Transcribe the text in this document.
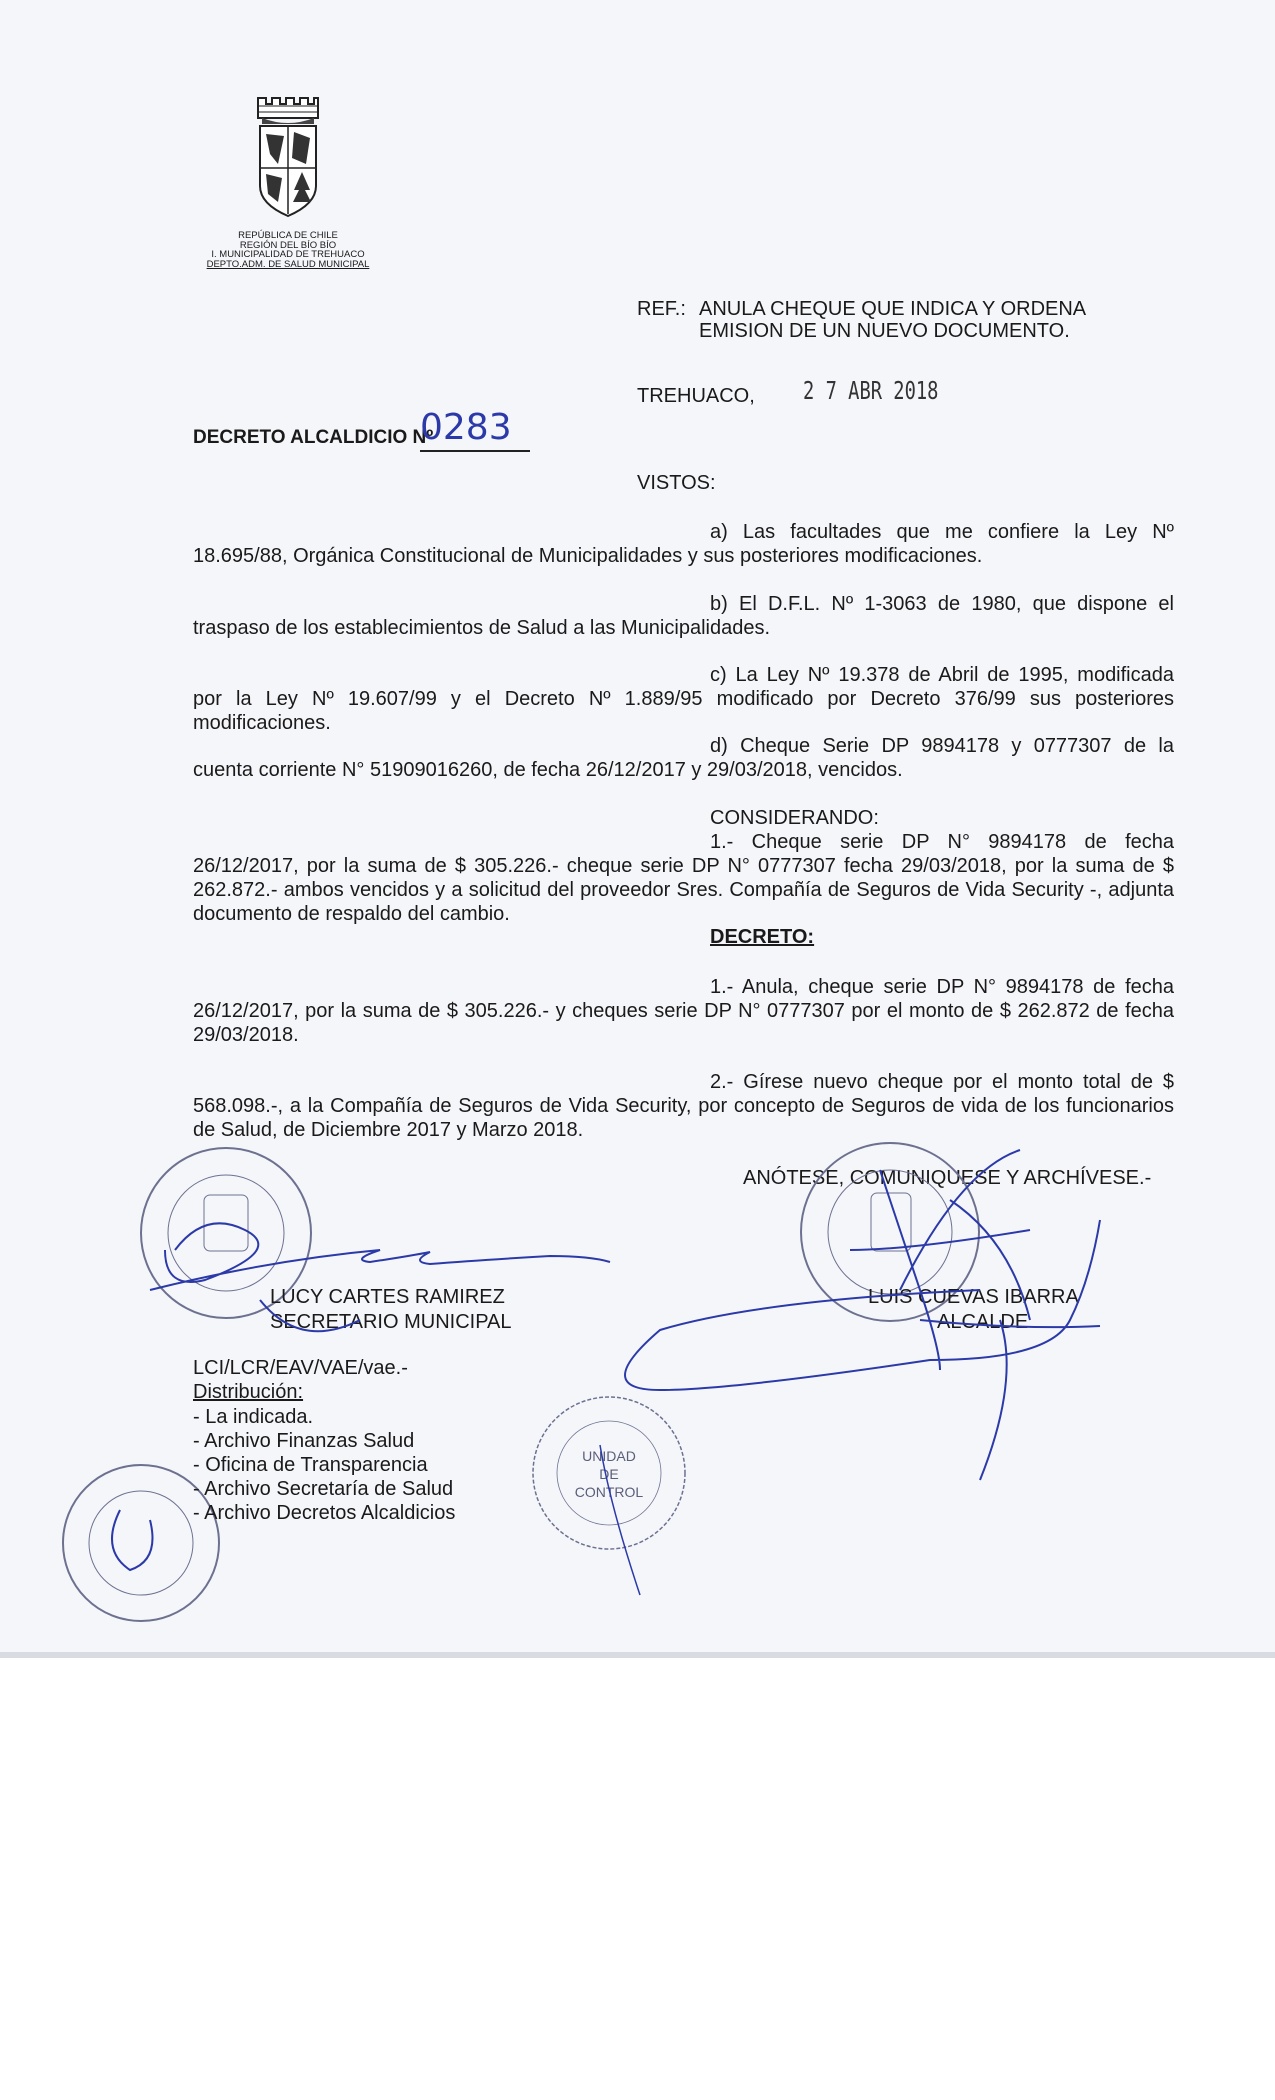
REPÚBLICA DE CHILE
REGIÓN DEL BÍO BÍO
I. MUNICIPALIDAD DE TREHUACO
DEPTO.ADM. DE SALUD MUNICIPAL
REF.: ANULA CHEQUE QUE INDICA Y ORDENA
EMISION DE UN NUEVO DOCUMENTO.
TREHUACO, 2 7 ABR 2018
DECRETO ALCALDICIO Nº
0283
VISTOS:
a) Las facultades que me confiere la Ley Nº 18.695/88, Orgánica Constitucional de Municipalidades y sus posteriores modificaciones.
b) El D.F.L. Nº 1-3063 de 1980, que dispone el traspaso de los establecimientos de Salud a las Municipalidades.
c) La Ley Nº 19.378 de Abril de 1995, modificada por la Ley Nº 19.607/99 y el Decreto Nº 1.889/95 modificado por Decreto 376/99 sus posteriores modificaciones.
d) Cheque Serie DP 9894178 y 0777307 de la cuenta corriente N° 51909016260, de fecha 26/12/2017 y 29/03/2018, vencidos.
CONSIDERANDO:
1.- Cheque serie DP N° 9894178 de fecha 26/12/2017, por la suma de $ 305.226.- cheque serie DP N° 0777307 fecha 29/03/2018, por la suma de $ 262.872.- ambos vencidos y a solicitud del proveedor Sres. Compañía de Seguros de Vida Security -, adjunta documento de respaldo del cambio.
DECRETO:
1.- Anula, cheque serie DP N° 9894178 de fecha 26/12/2017, por la suma de $ 305.226.- y cheques serie DP N° 0777307 por el monto de $ 262.872 de fecha 29/03/2018.
2.- Gírese nuevo cheque por el monto total de $ 568.098.-, a la Compañía de Seguros de Vida Security, por concepto de Seguros de vida de los funcionarios de Salud, de Diciembre 2017 y Marzo 2018.
ANÓTESE, COMUNIQUESE Y ARCHÍVESE.-
UNIDAD DE CONTROL
LUCY CARTES RAMIREZ
SECRETARIO MUNICIPAL
LUIS CUEVAS IBARRA
ALCALDE
LCI/LCR/EAV/VAE/vae.-
Distribución:
- La indicada.
- Archivo Finanzas Salud
- Oficina de Transparencia
- Archivo Secretaría de Salud
- Archivo Decretos Alcaldicios
